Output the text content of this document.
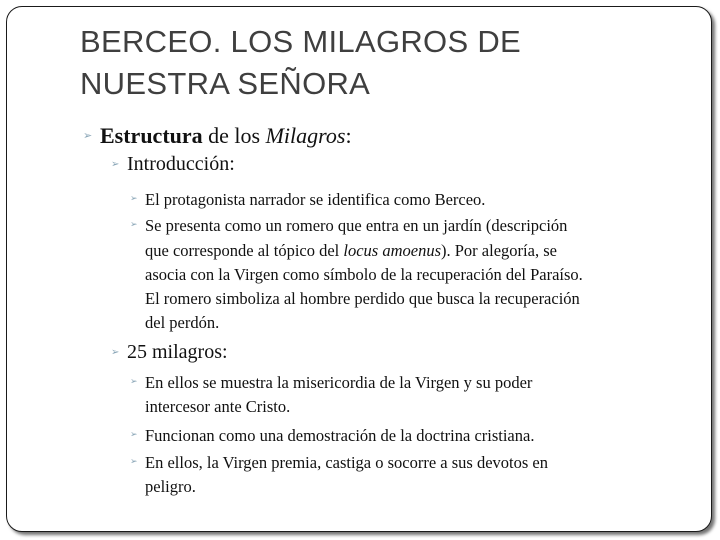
BERCEO. LOS MILAGROS DE
NUESTRA SEÑORA
➢ Estructura de los Milagros:
➢ Introducción:
➢ El protagonista narrador se identifica como Berceo.
➢ Se presenta como un romero que entra en un jardín (descripción
que corresponde al tópico del locus amoenus). Por alegoría, se
asocia con la Virgen como símbolo de la recuperación del Paraíso.
El romero simboliza al hombre perdido que busca la recuperación
del perdón.
➢ 25 milagros:
➢ En ellos se muestra la misericordia de la Virgen y su poder
intercesor ante Cristo.
➢ Funcionan como una demostración de la doctrina cristiana.
➢ En ellos, la Virgen premia, castiga o socorre a sus devotos en
peligro.
